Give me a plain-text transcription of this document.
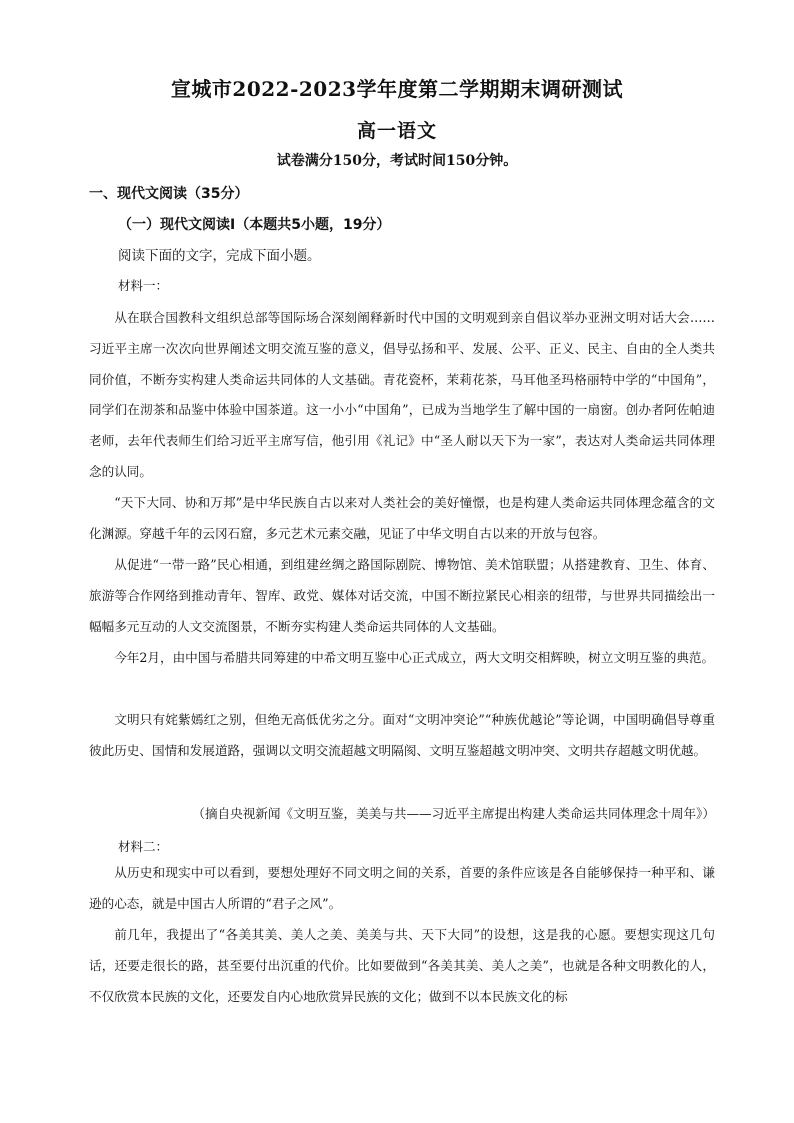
宣城市2022-2023学年度第二学期期末调研测试
高一语文
试卷满分150分，考试时间150分钟。
一、现代文阅读（35分）
（一）现代文阅读Ⅰ（本题共5小题，19分）
阅读下面的文字，完成下面小题。
材料一：

从在联合国教科文组织总部等国际场合深刻阐释新时代中国的文明观到亲自倡议举办亚洲文明对话大会……习近平主席一次次向世界阐述文明交流互鉴的意义，倡导弘扬和平、发展、公平、正义、民主、自由的全人类共同价值，不断夯实构建人类命运共同体的人文基础。青花瓷杯，茉莉花茶，马耳他圣玛格丽特中学的“中国角”，同学们在沏茶和品鉴中体验中国茶道。这一小小“中国角”，已成为当地学生了解中国的一扇窗。创办者阿佐帕迪老师，去年代表师生们给习近平主席写信，他引用《礼记》中“圣人耐以天下为一家”，表达对人类命运共同体理念的认同。

“天下大同、协和万邦”是中华民族自古以来对人类社会的美好憧憬，也是构建人类命运共同体理念蕴含的文化渊源。穿越千年的云冈石窟，多元艺术元素交融，见证了中华文明自古以来的开放与包容。

从促进“一带一路”民心相通，到组建丝绸之路国际剧院、博物馆、美术馆联盟；从搭建教育、卫生、体育、旅游等合作网络到推动青年、智库、政党、媒体对话交流，中国不断拉紧民心相亲的纽带，与世界共同描绘出一幅幅多元互动的人文交流图景，不断夯实构建人类命运共同体的人文基础。

今年2月，由中国与希腊共同筹建的中希文明互鉴中心正式成立，两大文明交相辉映，树立文明互鉴的典范。

文明只有姹紫嫣红之别，但绝无高低优劣之分。面对“文明冲突论”“种族优越论”等论调，中国明确倡导尊重彼此历史、国情和发展道路，强调以文明交流超越文明隔阂、文明互鉴超越文明冲突、文明共存超越文明优越。

（摘自央视新闻《文明互鉴，美美与共——习近平主席提出构建人类命运共同体理念十周年》）
材料二：

从历史和现实中可以看到，要想处理好不同文明之间的关系，首要的条件应该是各自能够保持一种平和、谦逊的心态，就是中国古人所谓的“君子之风”。

前几年，我提出了“各美其美、美人之美、美美与共、天下大同”的设想，这是我的心愿。要想实现这几句话，还要走很长的路，甚至要付出沉重的代价。比如要做到“各美其美、美人之美”，也就是各种文明教化的人，不仅欣赏本民族的文化，还要发自内心地欣赏异民族的文化；做到不以本民族文化的标
